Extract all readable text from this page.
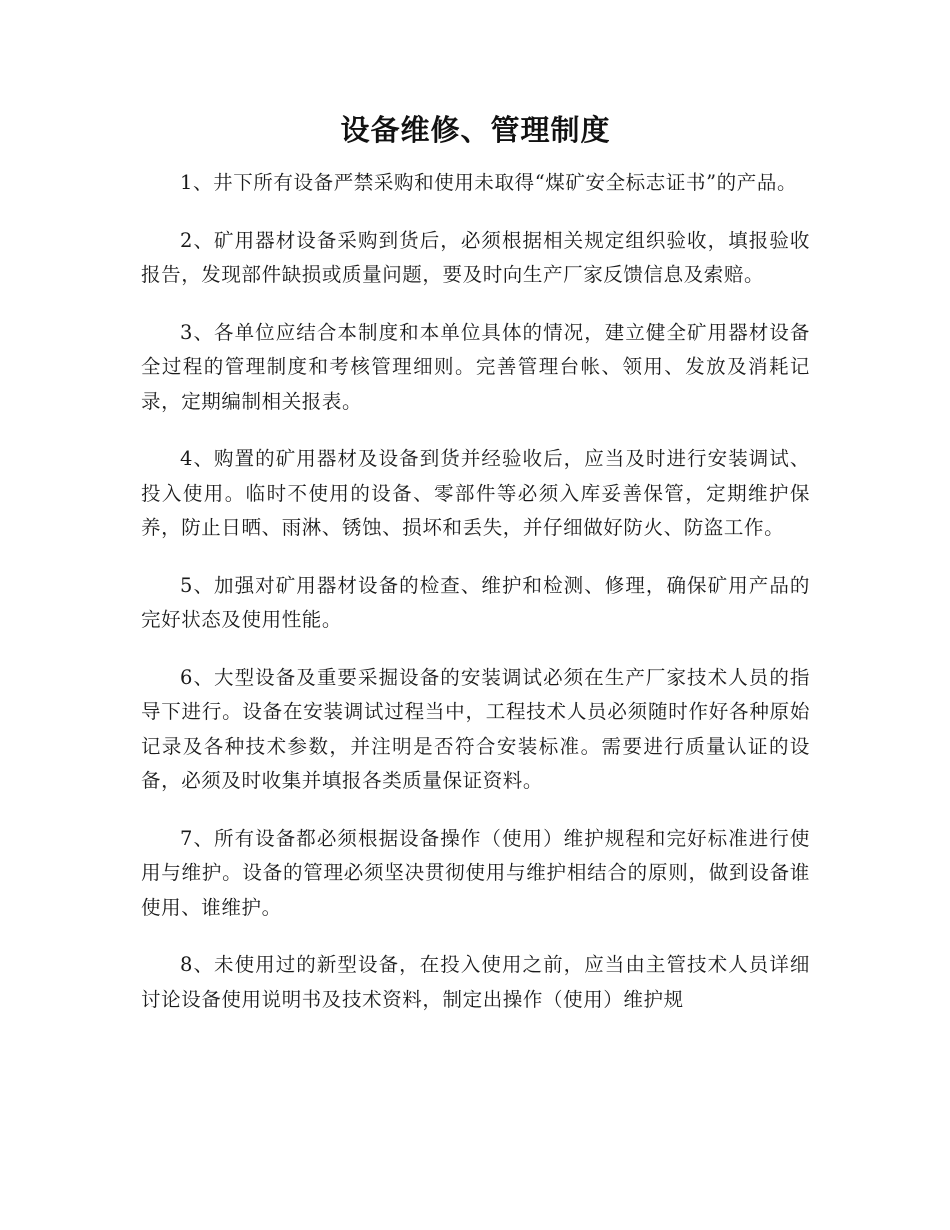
设备维修、管理制度

1、井下所有设备严禁采购和使用未取得“煤矿安全标志证书”的产品。

2、矿用器材设备采购到货后，必须根据相关规定组织验收，填报验收报告，发现部件缺损或质量问题，要及时向生产厂家反馈信息及索赔。

3、各单位应结合本制度和本单位具体的情况，建立健全矿用器材设备全过程的管理制度和考核管理细则。完善管理台帐、领用、发放及消耗记录，定期编制相关报表。

4、购置的矿用器材及设备到货并经验收后，应当及时进行安装调试、投入使用。临时不使用的设备、零部件等必须入库妥善保管，定期维护保养，防止日晒、雨淋、锈蚀、损坏和丢失，并仔细做好防火、防盗工作。

5、加强对矿用器材设备的检查、维护和检测、修理，确保矿用产品的完好状态及使用性能。

6、大型设备及重要采掘设备的安装调试必须在生产厂家技术人员的指导下进行。设备在安装调试过程当中，工程技术人员必须随时作好各种原始记录及各种技术参数，并注明是否符合安装标准。需要进行质量认证的设备，必须及时收集并填报各类质量保证资料。

7、所有设备都必须根据设备操作（使用）维护规程和完好标准进行使用与维护。设备的管理必须坚决贯彻使用与维护相结合的原则，做到设备谁使用、谁维护。

8、未使用过的新型设备，在投入使用之前，应当由主管技术人员详细讨论设备使用说明书及技术资料，制定出操作（使用）维护规
